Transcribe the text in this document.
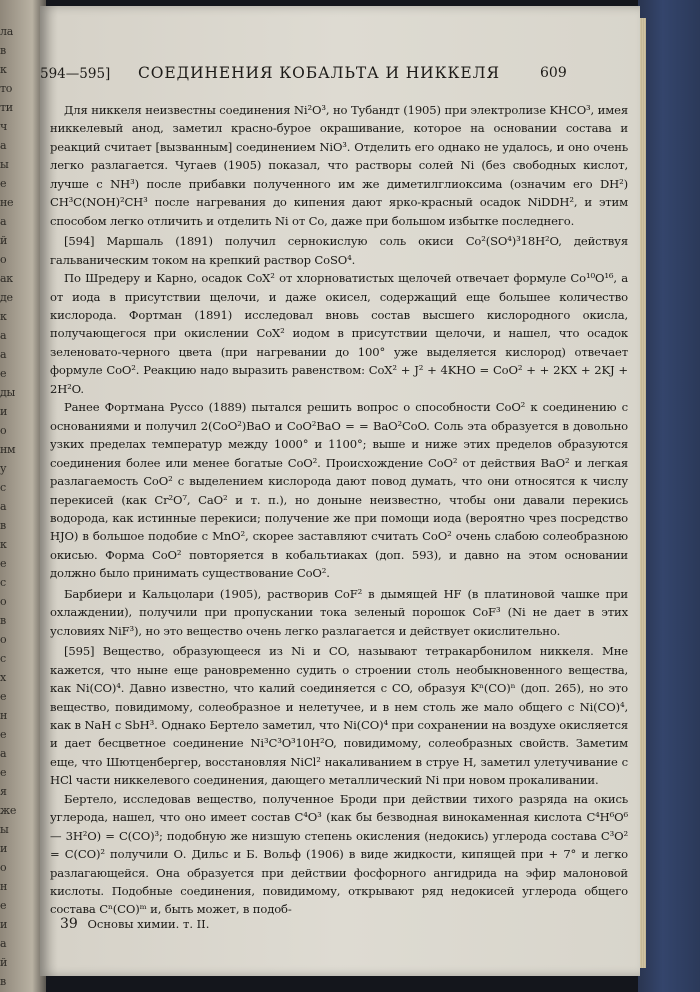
ла
в
к
то
ти
ч
а
ы
е
не
а
й
о
ак
де
к
а
а
е
ды
и
о
нм
у
с
а
в
к
е
с
о
в
о
с
х
е
н
е
а
е
я
же
ы
и
о
н
е
и
а
й
в
594—595] СОЕДИНЕНИЯ КОБАЛЬТА И НИККЕЛЯ	609

Для никкеля неизвестны соединения Ni²O³, но Тубандт (1905) при электролизе KHCO³, имея никкелевый анод, заметил красно-бурое окрашивание, которое на основании состава и реакций считает [вызванным] соединением NiO³. Отделить его однако не удалось, и оно очень легко разлагается. Чугаев (1905) показал, что растворы солей Ni (без свободных кислот, лучше с NH³) после прибавки полученного им же диметилглиоксима (означим его DH²) CH³C(NOH)²CH³ после нагревания до кипения дают ярко-красный осадок NiDDH², и этим способом легко отличить и отделить Ni от Co, даже при большом избытке последнего.

[594] Маршаль (1891) получил сернокислую соль окиси Co²(SO⁴)³18H²O, действуя гальваническим током на крепкий раствор CoSO⁴.

По Шредеру и Карно, осадок CoX² от хлорноватистых щелочей отвечает формуле Co¹⁰O¹⁶, а от иода в присутствии щелочи, и даже окисел, содержащий еще большее количество кислорода. Фортман (1891) исследовал вновь состав высшего кислородного окисла, получающегося при окислении CoX² иодом в присутствии щелочи, и нашел, что осадок зеленовато-черного цвета (при нагревании до 100° уже выделяется кислород) отвечает формуле CoO². Реакцию надо выразить равенством: CoX² + J² + 4KHO = CoO² + + 2KX + 2KJ + 2H²O.

Ранее Фортмана Руссо (1889) пытался решить вопрос о способности CoO² к соединению с основаниями и получил 2(CoO²)BaO и CoO²BaO = = BaO²CoO. Соль эта образуется в довольно узких пределах температур между 1000° и 1100°; выше и ниже этих пределов образуются соединения более или менее богатые CoO². Происхождение CoO² от действия BaO² и легкая разлагаемость CoO² с выделением кислорода дают повод думать, что они относятся к числу перекисей (как Cr²O⁷, CaO² и т. п.), но доныне неизвестно, чтобы они давали перекись водорода, как истинные перекиси; получение же при помощи иода (вероятно чрез посредство HJO) в большое подобие с MnO², скорее заставляют считать CoO² очень слабою солеобразною окисью. Форма CoO² повторяется в кобальтиаках (доп. 593), и давно на этом основании должно было принимать существование CoO².

Барбиери и Кальцолари (1905), растворив CoF² в дымящей HF (в платиновой чашке при охлаждении), получили при пропускании тока зеленый порошок CoF³ (Ni не дает в этих условиях NiF³), но это вещество очень легко разлагается и действует окислительно.

[595] Вещество, образующееся из Ni и CO, называют тетракарбонилом никкеля. Мне кажется, что ныне еще рановременно судить о строении столь необыкновенного вещества, как Ni(CO)⁴. Давно известно, что калий соединяется с CO, образуя Kⁿ(CO)ⁿ (доп. 265), но это вещество, повидимому, солеобразное и нелетучее, и в нем столь же мало общего с Ni(CO)⁴, как в NaH с SbH³. Однако Бертело заметил, что Ni(CO)⁴ при сохранении на воздухе окисляется и дает бесцветное соединение Ni³C³O³10H²O, повидимому, солеобразных свойств. Заметим еще, что Шютценбергер, восстановляя NiCl² накаливанием в струе Н, заметил улетучивание с HCl части никкелевого соединения, дающего металлический Ni при новом прокаливании.

Бертело, исследовав вещество, полученное Броди при действии тихого разряда на окись углерода, нашел, что оно имеет состав C⁴O³ (как бы безводная винокаменная кислота C⁴H⁶O⁶ — 3H²O) = C(CO)³; подобную же низшую степень окисления (недокись) углерода состава C³O² = C(CO)² получили О. Дильс и Б. Вольф (1906) в виде жидкости, кипящей при + 7° и легко разлагающейся. Она образуется при действии фосфорного ангидрида на эфир малоновой кислоты. Подобные соединения, повидимому, открывают ряд недокисей углерода общего состава Cⁿ(CO)ᵐ и, быть может, в подоб-

39 Основы химии. т. II.
